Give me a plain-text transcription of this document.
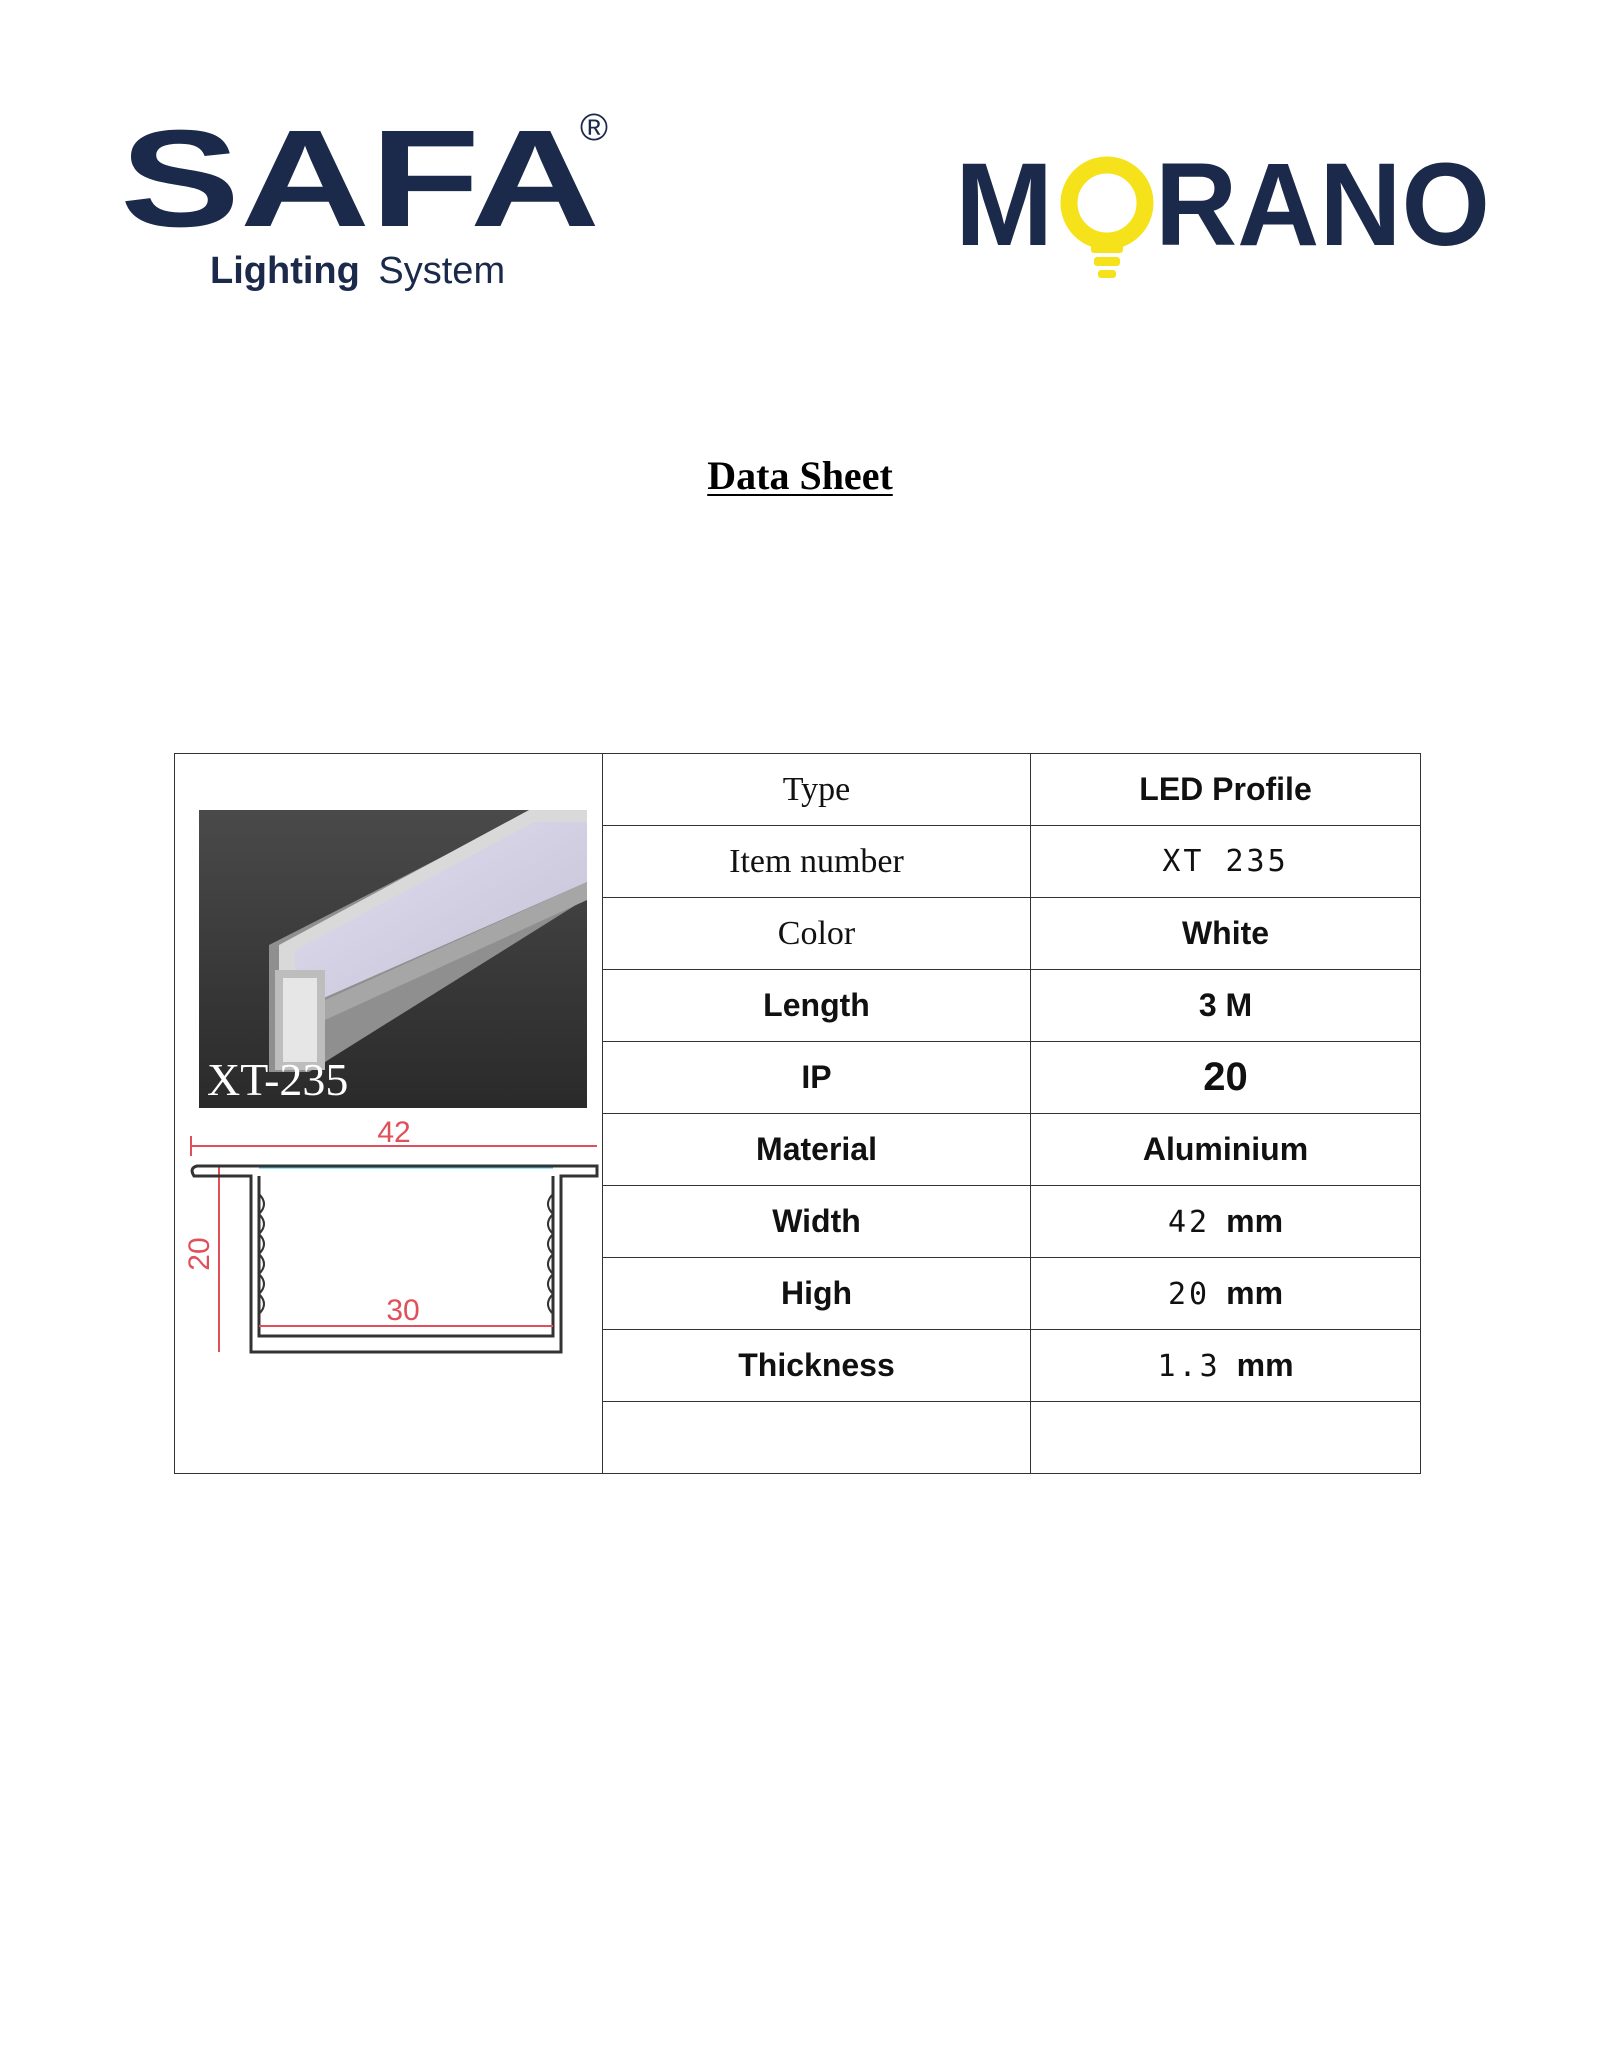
SAFA
®
Lighting System	M RANO
Data Sheet
XT-235
42
20
30	Type	LED Profile
	Item number	XT 235
	Color	White
	Length	3 M
	IP	20
	Material	Aluminium
	Width	42 mm
	High	20 mm
	Thickness	1.3 mm
